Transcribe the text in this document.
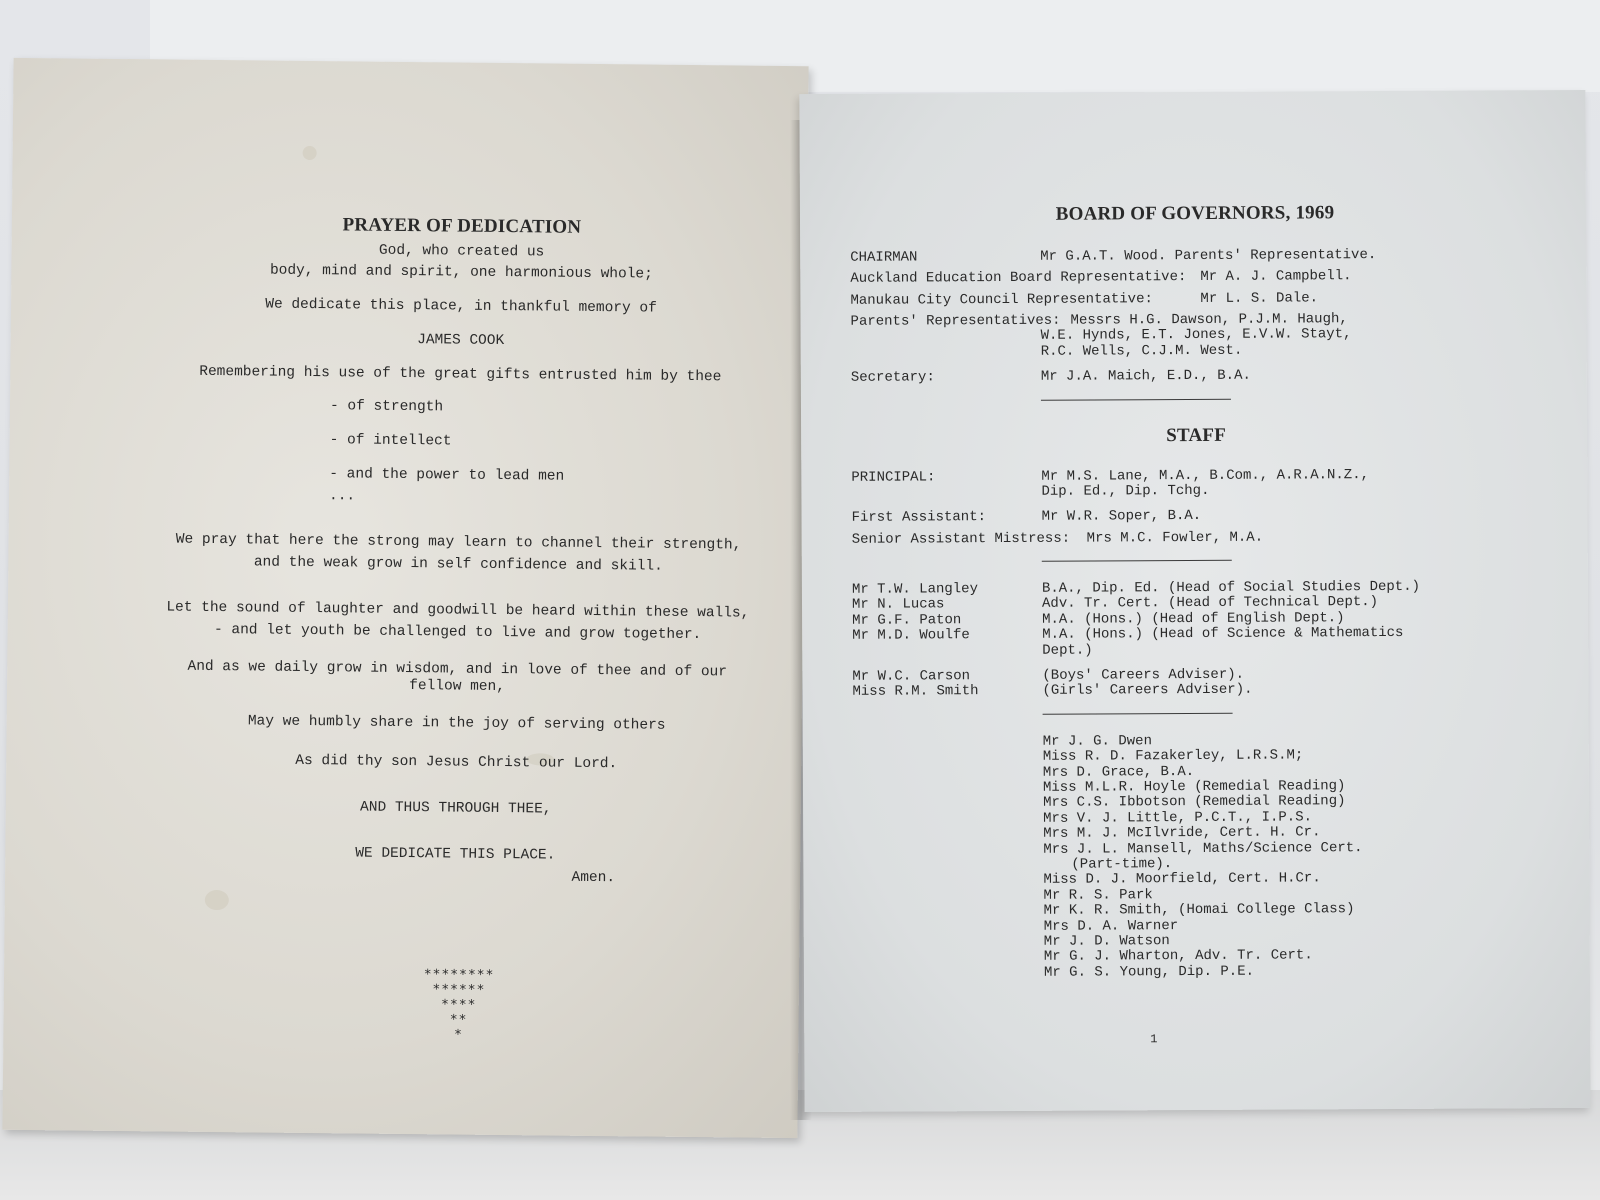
PRAYER OF DEDICATION

God, who created us

body, mind and spirit, one harmonious whole;

We dedicate this place, in thankful memory of

JAMES COOK

Remembering his use of the great gifts entrusted him by thee

- of strength

- of intellect

- and the power to lead men ...

We pray that here the strong may learn to channel their strength,

and the weak grow in self confidence and skill.

Let the sound of laughter and goodwill be heard within these walls,

- and let youth be challenged to live and grow together.

And as we daily grow in wisdom, and in love of thee and of our fellow men,

May we humbly share in the joy of serving others

As did thy son Jesus Christ our Lord.

AND THUS THROUGH THEE,

WE DEDICATE THIS PLACE.

Amen.

********
******
****
**
*

BOARD OF GOVERNORS, 1969

CHAIRMAN	Mr G.A.T. Wood. Parents' Representative.
Auckland Education Board Representative: Mr A. J. Campbell.
Manukau City Council Representative:	Mr L. S. Dale.
Parents' Representatives: Messrs H.G. Dawson, P.J.M. Haugh,
W.E. Hynds, E.T. Jones, E.V.W. Stayt,
R.C. Wells, C.J.M. West.
Secretary:	Mr J.A. Maich, E.D., B.A.

STAFF

PRINCIPAL:	Mr M.S. Lane, M.A., B.Com., A.R.A.N.Z.,
Dip. Ed., Dip. Tchg.
First Assistant:	Mr W.R. Soper, B.A.
Senior Assistant Mistress:	Mrs M.C. Fowler, M.A.
Mr T.W. Langley	B.A., Dip. Ed. (Head of Social Studies Dept.)
Mr N. Lucas	Adv. Tr. Cert. (Head of Technical Dept.)
Mr G.F. Paton	M.A. (Hons.) (Head of English Dept.)
Mr M.D. Woulfe	M.A. (Hons.) (Head of Science & Mathematics
Dept.)
Mr W.C. Carson	(Boys' Careers Adviser).
Miss R.M. Smith	(Girls' Careers Adviser).
Mr J. G. Dwen
Miss R. D. Fazakerley, L.R.S.M;
Mrs D. Grace, B.A.
Miss M.L.R. Hoyle (Remedial Reading)
Mrs C.S. Ibbotson (Remedial Reading)
Mrs V. J. Little, P.C.T., I.P.S.
Mrs M. J. McIlvride, Cert. H. Cr.
Mrs J. L. Mansell, Maths/Science Cert.
(Part-time).
Miss D. J. Moorfield, Cert. H.Cr.
Mr R. S. Park
Mr K. R. Smith, (Homai College Class)
Mrs D. A. Warner
Mr J. D. Watson
Mr G. J. Wharton, Adv. Tr. Cert.
Mr G. S. Young, Dip. P.E.
1
